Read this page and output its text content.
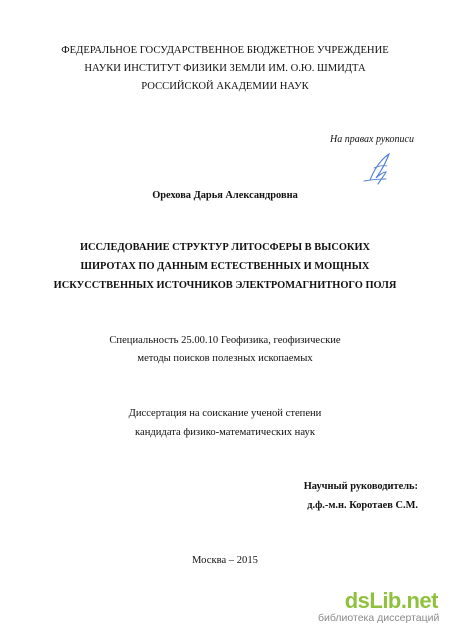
ФЕДЕРАЛЬНОЕ ГОСУДАРСТВЕННОЕ БЮДЖЕТНОЕ УЧРЕЖДЕНИЕ
НАУКИ ИНСТИТУТ ФИЗИКИ ЗЕМЛИ ИМ. О.Ю. ШМИДТА
РОССИЙСКОЙ АКАДЕМИИ НАУК
На правах рукописи
Орехова Дарья Александровна
ИССЛЕДОВАНИЕ СТРУКТУР ЛИТОСФЕРЫ В ВЫСОКИХ
ШИРОТАХ ПО ДАННЫМ ЕСТЕСТВЕННЫХ И МОЩНЫХ
ИСКУССТВЕННЫХ ИСТОЧНИКОВ ЭЛЕКТРОМАГНИТНОГО ПОЛЯ
Специальность 25.00.10 Геофизика, геофизические
методы поисков полезных ископаемых
Диссертация на соискание ученой степени
кандидата физико-математических наук
Научный руководитель:
д.ф.-м.н. Коротаев С.М.
Москва – 2015
dsLib.net
библиотека диссертаций
